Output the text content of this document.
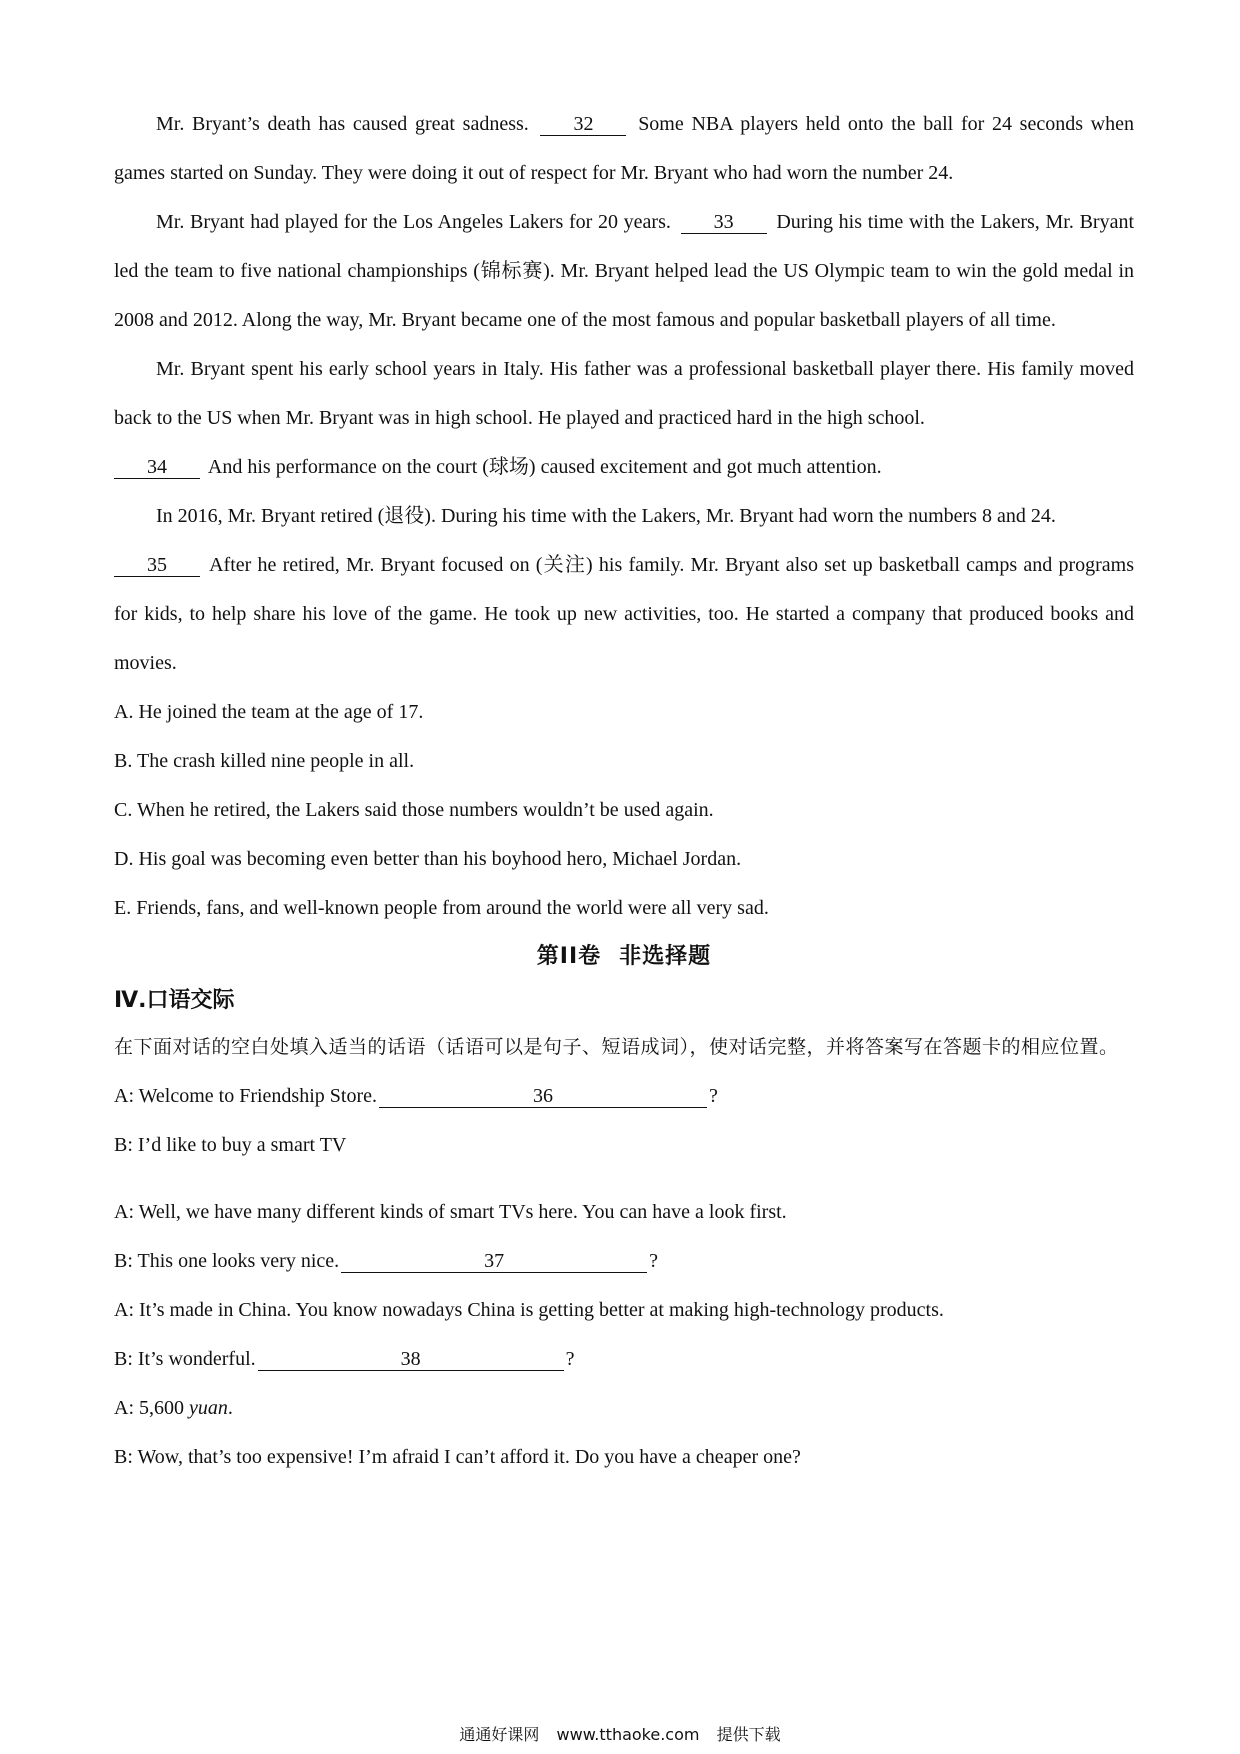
Mr. Bryant’s death has caused great sadness. 32 Some NBA players held onto the ball for 24 seconds when games started on Sunday. They were doing it out of respect for Mr. Bryant who had worn the number 24.

Mr. Bryant had played for the Los Angeles Lakers for 20 years. 33 During his time with the Lakers, Mr. Bryant led the team to five national championships (锦标赛). Mr. Bryant helped lead the US Olympic team to win the gold medal in 2008 and 2012. Along the way, Mr. Bryant became one of the most famous and popular basketball players of all time.

Mr. Bryant spent his early school years in Italy. His father was a professional basketball player there. His family moved back to the US when Mr. Bryant was in high school. He played and practiced hard in the high school.
34 And his performance on the court (球场) caused excitement and got much attention.

In 2016, Mr. Bryant retired (退役). During his time with the Lakers, Mr. Bryant had worn the numbers 8 and 24.
35 After he retired, Mr. Bryant focused on (关注) his family. Mr. Bryant also set up basketball camps and programs for kids, to help share his love of the game. He took up new activities, too. He started a company that produced books and movies.

A. He joined the team at the age of 17.

B. The crash killed nine people in all.

C. When he retired, the Lakers said those numbers wouldn’t be used again.

D. His goal was becoming even better than his boyhood hero, Michael Jordan.

E. Friends, fans, and well-known people from around the world were all very sad.

第II卷 非选择题

Ⅳ.口语交际

在下面对话的空白处填入适当的话语（话语可以是句子、短语成词），使对话完整，并将答案写在答题卡的相应位置。

A: Welcome to Friendship Store.	36	?

B: I’d like to buy a smart TV

A: Well, we have many different kinds of smart TVs here. You can have a look first.

B: This one looks very nice.	37	?

A: It’s made in China. You know nowadays China is getting better at making high-technology products.

B: It’s wonderful.	38	?

A: 5,600 yuan.

B: Wow, that’s too expensive! I’m afraid I can’t afford it. Do you have a cheaper one?

通通好课网 www.tthaoke.com 提供下载
